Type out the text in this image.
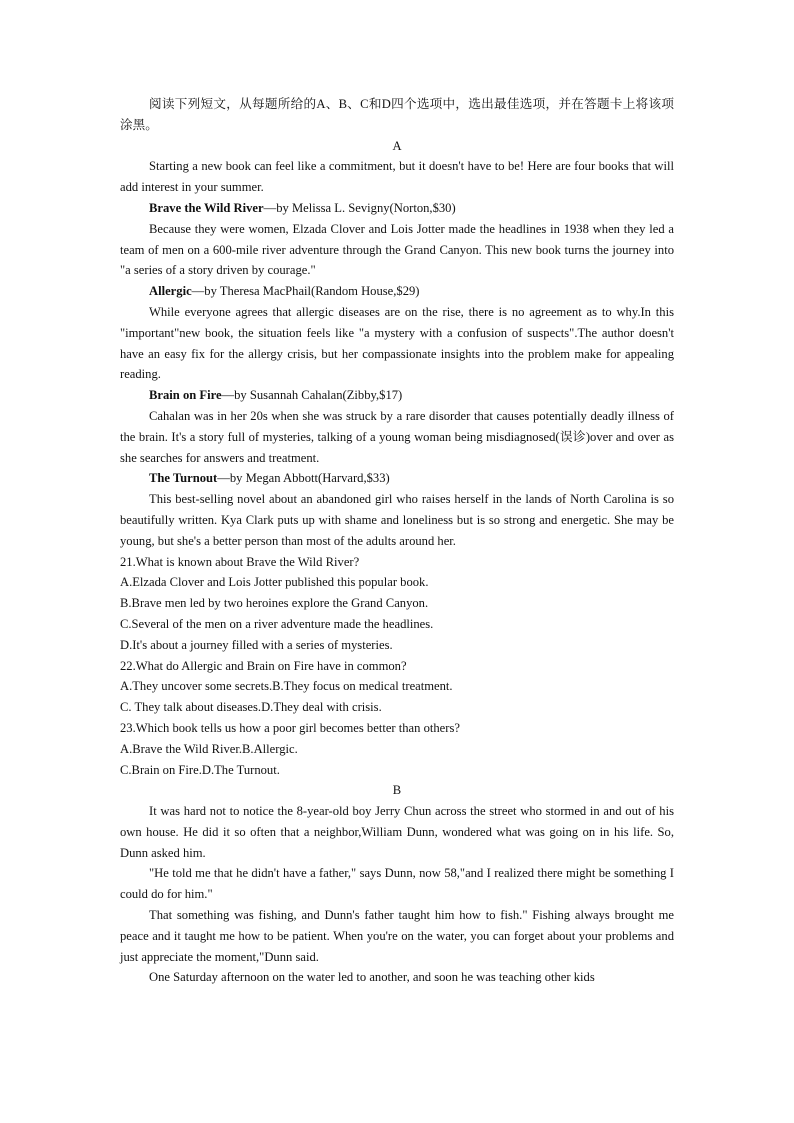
阅读下列短文，从每题所给的A、B、C和D四个选项中，选出最佳选项，并在答题卡上将该项涂黑。

A

Starting a new book can feel like a commitment, but it doesn't have to be! Here are four books that will add interest in your summer.

Brave the Wild River—by Melissa L. Sevigny(Norton,$30)

Because they were women, Elzada Clover and Lois Jotter made the headlines in 1938 when they led a team of men on a 600-mile river adventure through the Grand Canyon. This new book turns the journey into "a series of a story driven by courage."

Allergic—by Theresa MacPhail(Random House,$29)

While everyone agrees that allergic diseases are on the rise, there is no agreement as to why.In this "important"new book, the situation feels like "a mystery with a confusion of suspects".The author doesn't have an easy fix for the allergy crisis, but her compassionate insights into the problem make for appealing reading.

Brain on Fire—by Susannah Cahalan(Zibby,$17)

Cahalan was in her 20s when she was struck by a rare disorder that causes potentially deadly illness of the brain. It's a story full of mysteries, talking of a young woman being misdiagnosed(误诊)over and over as she searches for answers and treatment.

The Turnout—by Megan Abbott(Harvard,$33)

This best-selling novel about an abandoned girl who raises herself in the lands of North Carolina is so beautifully written. Kya Clark puts up with shame and loneliness but is so strong and energetic. She may be young, but she's a better person than most of the adults around her.

21.What is known about Brave the Wild River?

A.Elzada Clover and Lois Jotter published this popular book.

B.Brave men led by two heroines explore the Grand Canyon.

C.Several of the men on a river adventure made the headlines.

D.It's about a journey filled with a series of mysteries.

22.What do Allergic and Brain on Fire have in common?

A.They uncover some secrets.B.They focus on medical treatment.

C. They talk about diseases.D.They deal with crisis.

23.Which book tells us how a poor girl becomes better than others?

A.Brave the Wild River.B.Allergic.

C.Brain on Fire.D.The Turnout.

B

It was hard not to notice the 8-year-old boy Jerry Chun across the street who stormed in and out of his own house. He did it so often that a neighbor,William Dunn, wondered what was going on in his life. So, Dunn asked him.

"He told me that he didn't have a father," says Dunn, now 58,"and I realized there might be something I could do for him."

That something was fishing, and Dunn's father taught him how to fish." Fishing always brought me peace and it taught me how to be patient. When you're on the water, you can forget about your problems and just appreciate the moment,"Dunn said.

One Saturday afternoon on the water led to another, and soon he was teaching other kids
